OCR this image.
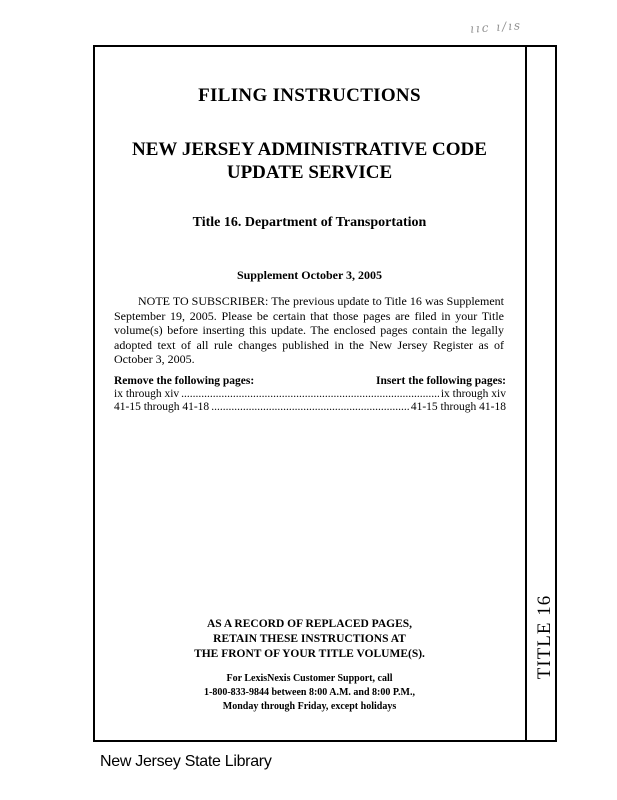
ııc ı/ıs
TITLE 16
FILING INSTRUCTIONS
NEW JERSEY ADMINISTRATIVE CODE
UPDATE SERVICE
Title 16. Department of Transportation
Supplement October 3, 2005
NOTE TO SUBSCRIBER: The previous update to Title 16 was Supplement September 19, 2005. Please be certain that those pages are filed in your Title volume(s) before inserting this update. The enclosed pages contain the legally adopted text of all rule changes published in the New Jersey Register as of October 3, 2005.
Remove the following pages:	Insert the following pages:
ix through xiv .....	ix through xiv
41-15 through 41-18 .....	41-15 through 41-18
AS A RECORD OF REPLACED PAGES,
RETAIN THESE INSTRUCTIONS AT
THE FRONT OF YOUR TITLE VOLUME(S).
For LexisNexis Customer Support, call
1-800-833-9844 between 8:00 A.M. and 8:00 P.M.,
Monday through Friday, except holidays
New Jersey State Library
